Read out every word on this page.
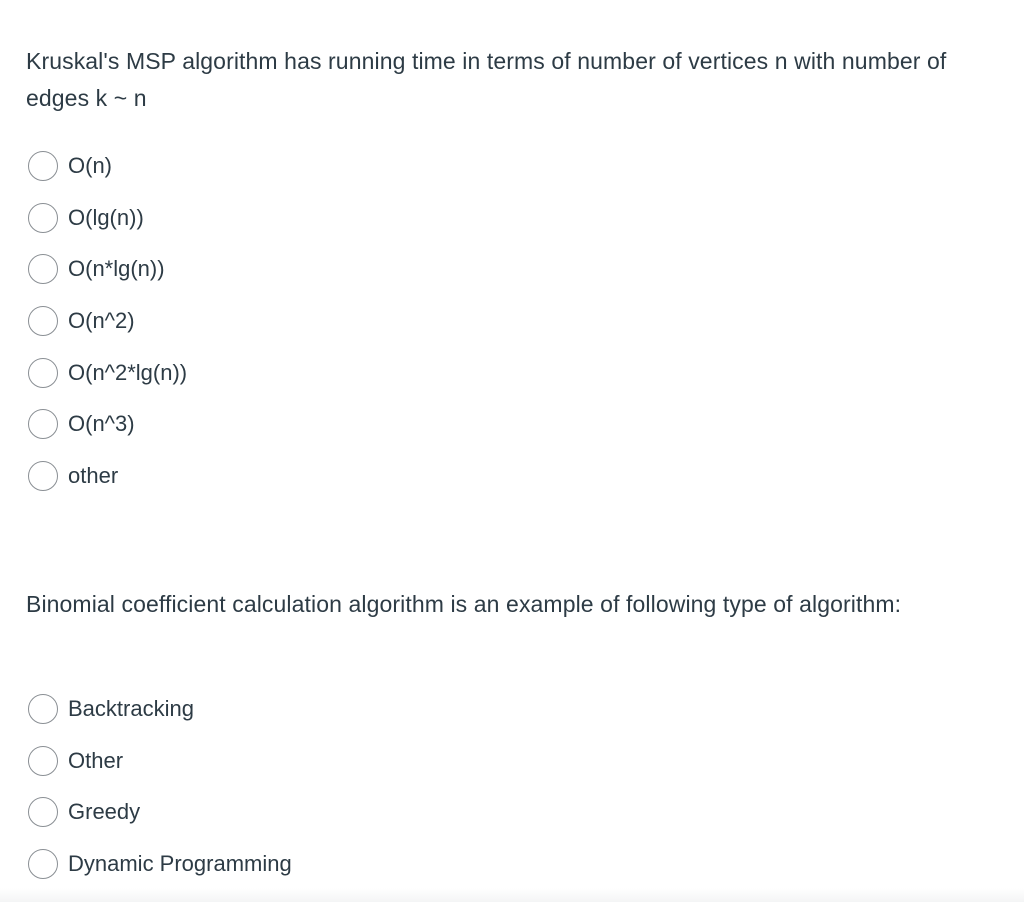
Kruskal's MSP algorithm has running time in terms of number of vertices n with number of edges k ~ n

O(n)
O(lg(n))
O(n*lg(n))
O(n^2)
O(n^2*lg(n))
O(n^3)
other

Binomial coefficient calculation algorithm is an example of following type of algorithm:

Backtracking
Other
Greedy
Dynamic Programming
